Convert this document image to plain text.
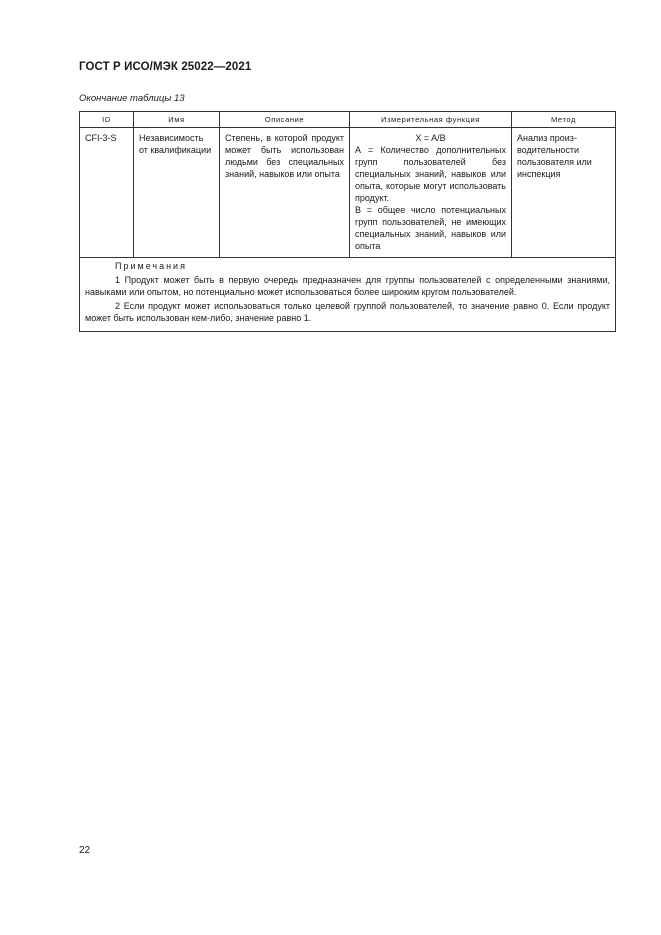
ГОСТ Р ИСО/МЭК 25022—2021
Окончание таблицы 13
ID	Имя	Описание	Измерительная функция	Метод
CFI-3-S	Независимость от квалификации	Степень, в которой продукт может быть использован людьми без специальных знаний, навыков или опыта	X = A/B
A = Количество дополнительных групп пользователей без специальных знаний, навыков или опыта, которые могут использовать продукт.
B = общее число потенциальных групп пользователей, не имеющих специальных знаний, навыков или опыта	Анализ производительности пользователя или инспекция

Примечания
1 Продукт может быть в первую очередь предназначен для группы пользователей с определенными знаниями, навыками или опытом, но потенциально может использоваться более широким кругом пользователей.
2 Если продукт может использоваться только целевой группой пользователей, то значение равно 0. Если продукт может быть использован кем-либо, значение равно 1.				
22
